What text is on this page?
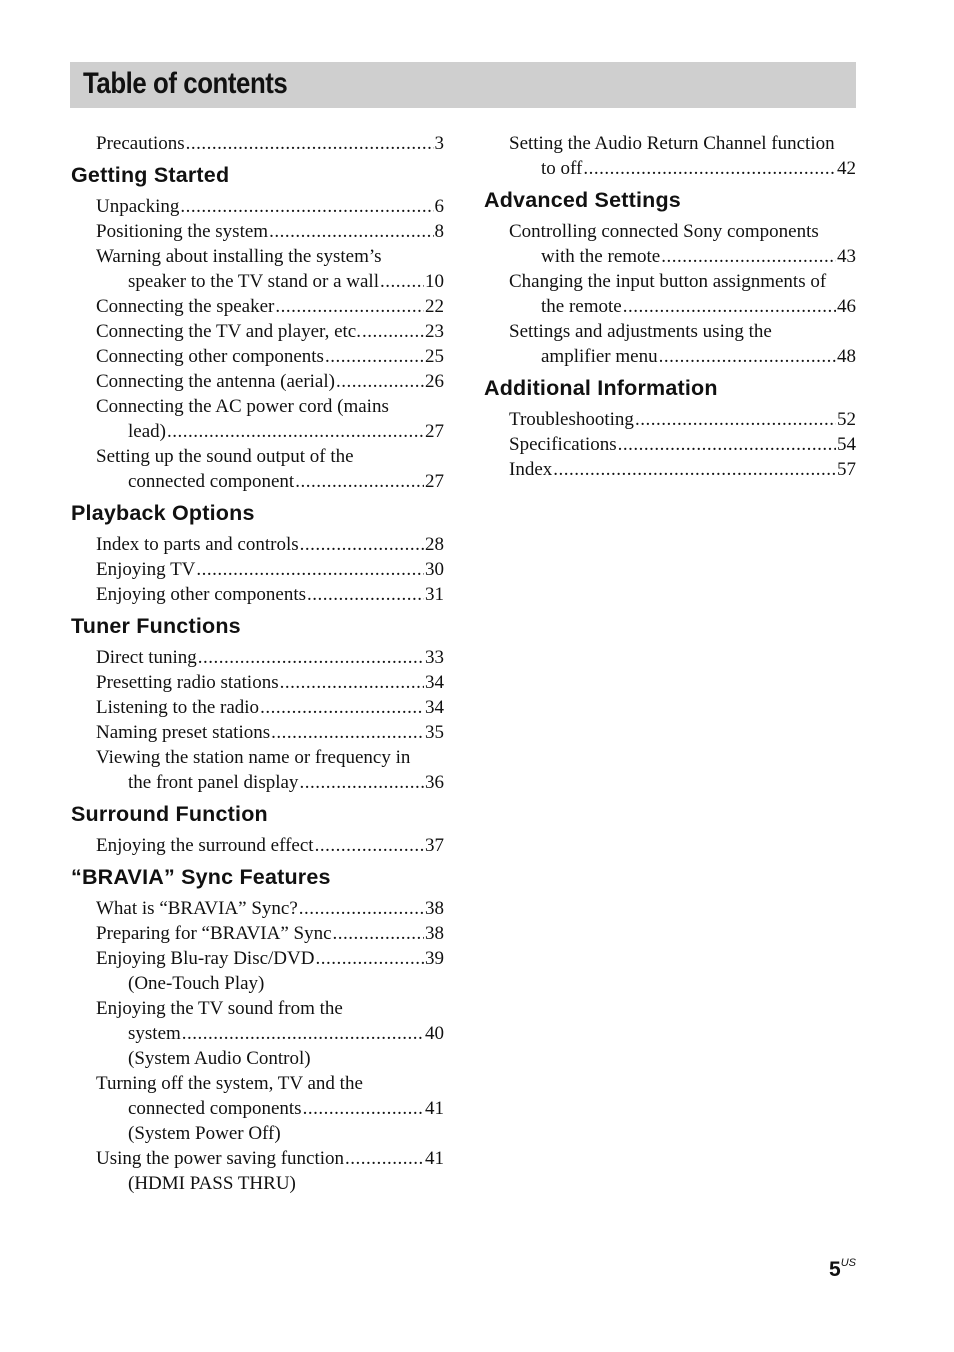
Table of contents
Precautions .....	3
Getting Started
Unpacking .....	6
Positioning the system .....	8
Warning about installing the system’s
speaker to the TV stand or a wall ..... 10
Connecting the speaker .....	22
Connecting the TV and player, etc. .....	23
Connecting other components .....	25
Connecting the antenna (aerial) .....	26
Connecting the AC power cord (mains
lead) .....	27
Setting up the sound output of the
connected component .....	27
Playback Options
Index to parts and controls .....	28
Enjoying TV .....	30
Enjoying other components .....	31
Tuner Functions
Direct tuning .....	33
Presetting radio stations .....	34
Listening to the radio .....	34
Naming preset stations .....	35
Viewing the station name or frequency in
the front panel display .....	36
Surround Function
Enjoying the surround effect .....	37
“BRAVIA” Sync Features
What is “BRAVIA” Sync? .....	38
Preparing for “BRAVIA” Sync .....	38
Enjoying Blu-ray Disc/DVD .....	39
(One-Touch Play)
Enjoying the TV sound from the
system .....	40
(System Audio Control)
Turning off the system, TV and the
connected components .....	41
(System Power Off)
Using the power saving function .....	41
(HDMI PASS THRU)
Setting the Audio Return Channel function
to off .....	42
Advanced Settings
Controlling connected Sony components
with the remote .....	43
Changing the input button assignments of
the remote .....	46
Settings and adjustments using the
amplifier menu .....	48
Additional Information
Troubleshooting .....	52
Specifications .....	54
Index .....	57
$5^{US}$
